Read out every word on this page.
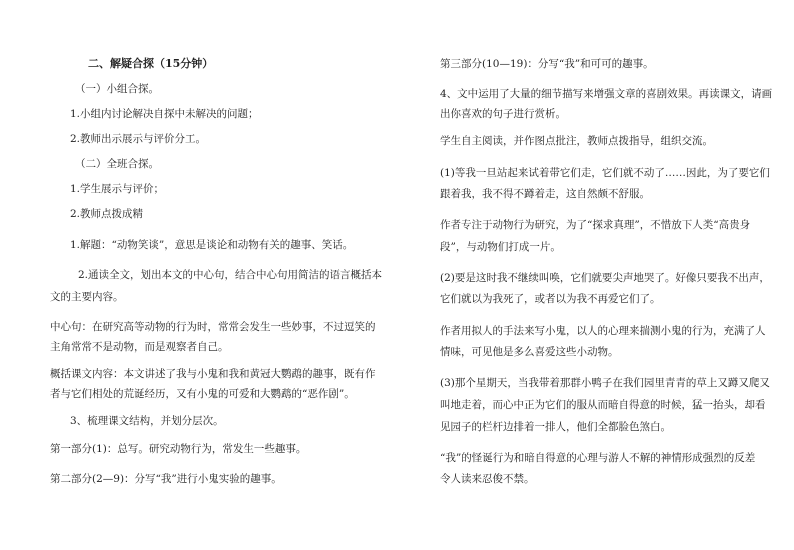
二、解疑合探（15分钟）
（一）小组合探。
1.小组内讨论解决自探中未解决的问题；
2.教师出示展示与评价分工。
（二）全班合探。
1.学生展示与评价；
2.教师点拨成精
1.解题：“动物笑谈”，意思是谈论和动物有关的趣事、笑话。
2.通读全文，划出本文的中心句，结合中心句用简洁的语言概括本
文的主要内容。
中心句：在研究高等动物的行为时，常常会发生一些妙事，不过逗笑的
主角常常不是动物，而是观察者自己。
概括课文内容：本文讲述了我与小鬼和我和黄冠大鹦鹉的趣事，既有作
者与它们相处的荒诞经历，又有小鬼的可爱和大鹦鹉的“恶作剧”。
3、梳理课文结构，并划分层次。
第一部分(1)：总写。研究动物行为，常发生一些趣事。
第二部分(2—9)：分写“我”进行小鬼实验的趣事。
第三部分(10—19)：分写“我”和可可的趣事。
4、文中运用了大量的细节描写来增强文章的喜剧效果。再读课文，请画
出你喜欢的句子进行赏析。
学生自主阅读，并作图点批注，教师点拨指导，组织交流。
(1)等我一旦站起来试着带它们走，它们就不动了……因此，为了要它们
跟着我，我不得不蹲着走，这自然颇不舒服。
作者专注于动物行为研究，为了“探求真理”，不惜放下人类“高贵身
段”，与动物们打成一片。
(2)要是这时我不继续叫唤，它们就要尖声地哭了。好像只要我不出声，
它们就以为我死了，或者以为我不再爱它们了。
作者用拟人的手法来写小鬼，以人的心理来揣测小鬼的行为，充满了人
情味，可见他是多么喜爱这些小动物。
(3)那个星期天，当我带着那群小鸭子在我们园里青青的草上又蹲又爬又
叫地走着，而心中正为它们的服从而暗自得意的时候，猛一抬头，却看
见园子的栏杆边排着一排人，他们全都脸色煞白。
“我”的怪诞行为和暗自得意的心理与游人不解的神情形成强烈的反差
令人读来忍俊不禁。
